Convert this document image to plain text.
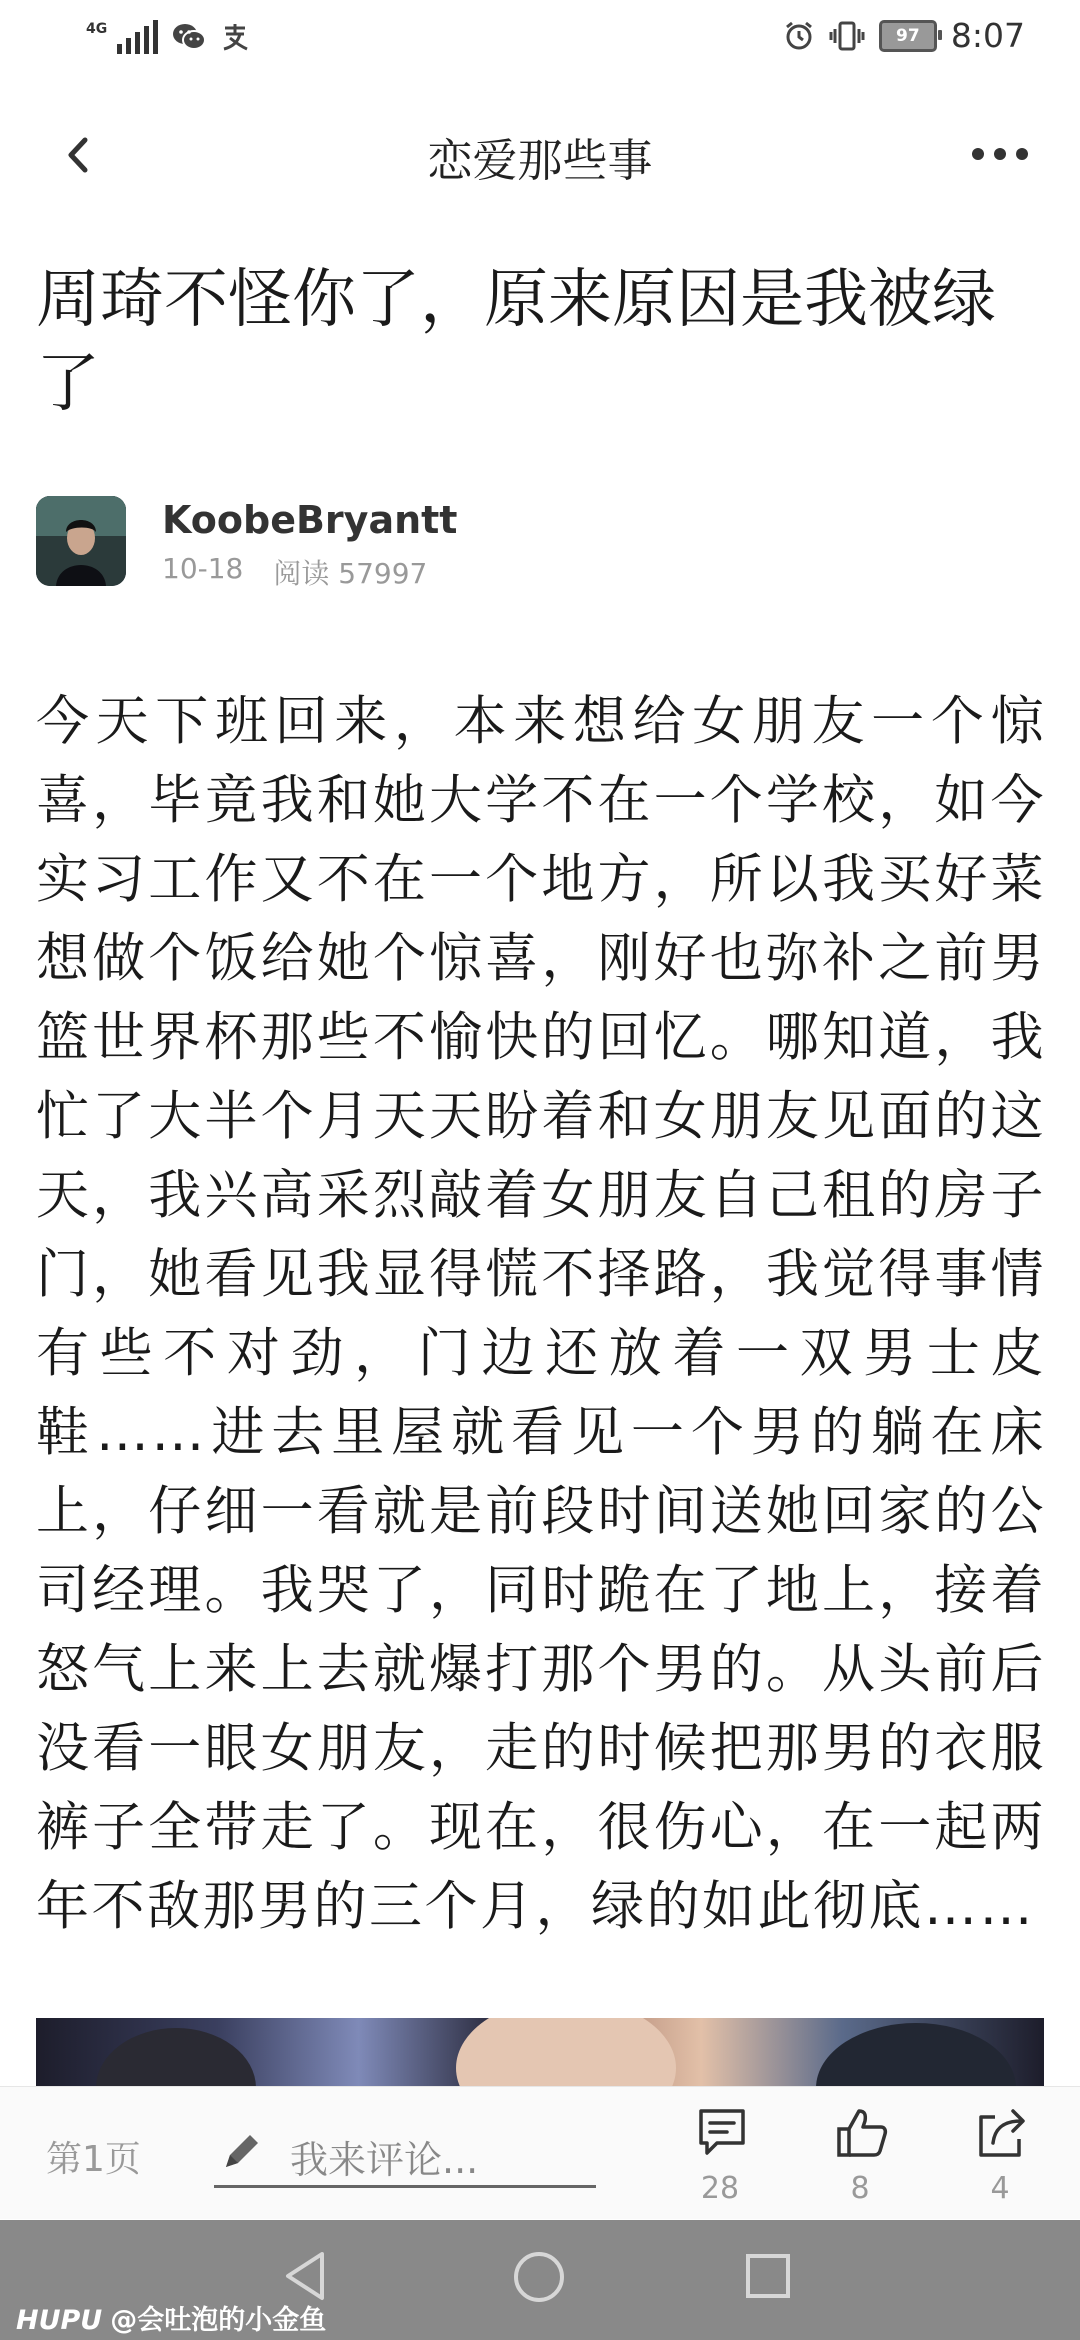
4G	97 8:07
恋爱那些事
周琦不怪你了，原来原因是我被绿了
KoobeBryantt
10-18 阅读 57997
今天下班回来，本来想给女朋友一个惊喜，毕竟我和她大学不在一个学校，如今实习工作又不在一个地方，所以我买好菜想做个饭给她个惊喜，刚好也弥补之前男篮世界杯那些不愉快的回忆。哪知道，我忙了大半个月天天盼着和女朋友见面的这天，我兴高采烈敲着女朋友自己租的房子门，她看见我显得慌不择路，我觉得事情有些不对劲，门边还放着一双男士皮鞋……进去里屋就看见一个男的躺在床上，仔细一看就是前段时间送她回家的公司经理。我哭了，同时跪在了地上，接着怒气上来上去就爆打那个男的。从头前后没看一眼女朋友，走的时候把那男的衣服裤子全带走了。现在，很伤心，在一起两年不敌那男的三个月，绿的如此彻底……
第1页	我来评论...
28	8	4
HUPU @会吐泡的小金鱼
